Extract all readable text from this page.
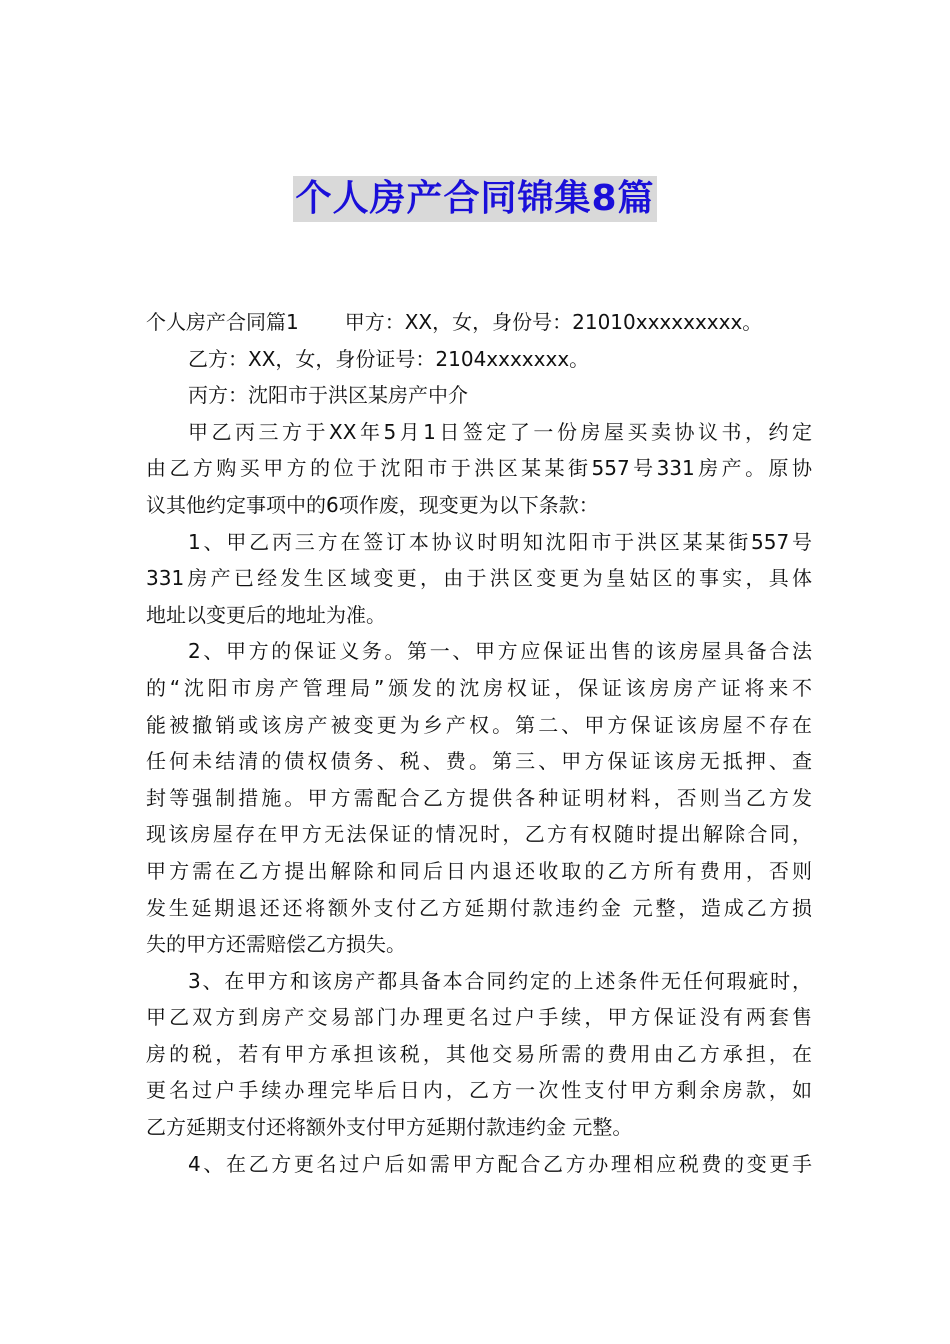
个人房产合同锦集8篇
个人房产合同篇1 甲方：XX，女，身份号：21010xxxxxxxxx。
乙方：XX，女，身份证号：2104xxxxxxx。
丙方：沈阳市于洪区某房产中介
甲乙丙三方于XX年5月1日签定了一份房屋买卖协议书，约定
由乙方购买甲方的位于沈阳市于洪区某某街557号331房产。原协
议其他约定事项中的6项作废，现变更为以下条款：
1、甲乙丙三方在签订本协议时明知沈阳市于洪区某某街557号
331房产已经发生区域变更，由于洪区变更为皇姑区的事实，具体
地址以变更后的地址为准。
2、甲方的保证义务。第一、甲方应保证出售的该房屋具备合法
的“沈阳市房产管理局”颁发的沈房权证，保证该房房产证将来不
能被撤销或该房产被变更为乡产权。第二、甲方保证该房屋不存在
任何未结清的债权债务、税、费。第三、甲方保证该房无抵押、查
封等强制措施。甲方需配合乙方提供各种证明材料，否则当乙方发
现该房屋存在甲方无法保证的情况时，乙方有权随时提出解除合同，
甲方需在乙方提出解除和同后日内退还收取的乙方所有费用，否则
发生延期退还还将额外支付乙方延期付款违约金 元整，造成乙方损
失的甲方还需赔偿乙方损失。
3、在甲方和该房产都具备本合同约定的上述条件无任何瑕疵时，
甲乙双方到房产交易部门办理更名过户手续，甲方保证没有两套售
房的税，若有甲方承担该税，其他交易所需的费用由乙方承担，在
更名过户手续办理完毕后日内，乙方一次性支付甲方剩余房款，如
乙方延期支付还将额外支付甲方延期付款违约金 元整。
4、在乙方更名过户后如需甲方配合乙方办理相应税费的变更手
